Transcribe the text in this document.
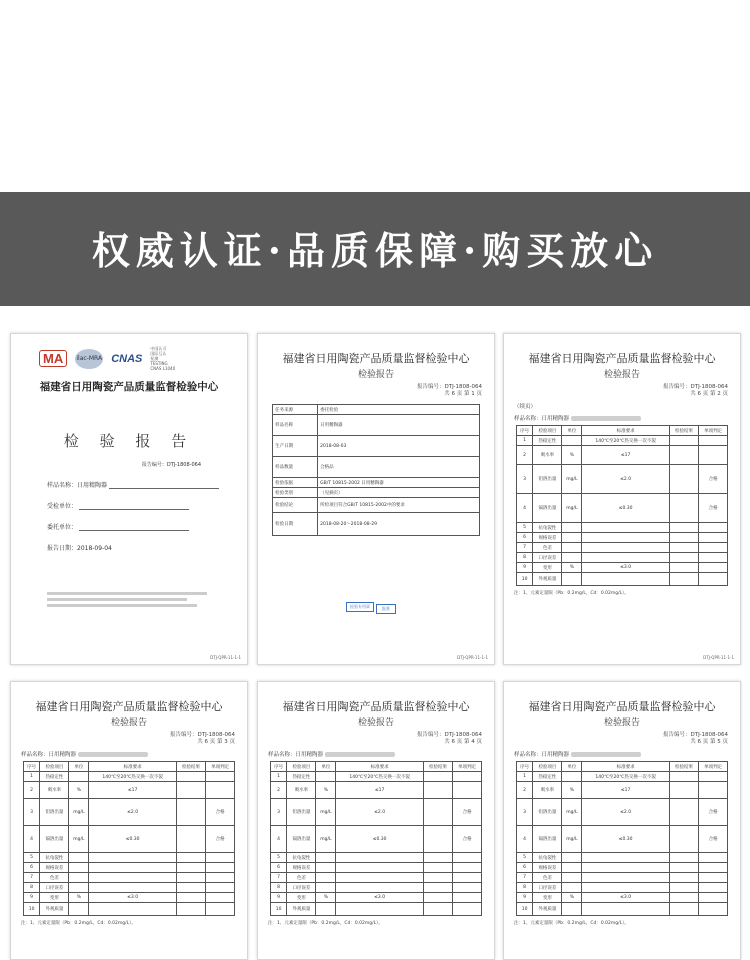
权威认证·品质保障·购买放心
MA	ilac-MRA CNAS
中国认可
国际互认
检测
TESTING
CNAS L1040
福建省日用陶瓷产品质量监督检验中心
检 验 报 告
报告编号：DTJ-1808-064
样品名称：日用精陶器
受检单位：
委托单位：
报告日期：2018-09-04
DTJ-QPR-11-1-1
福建省日用陶瓷产品质量监督检验中心
检验报告
报告编号：DTJ-1808-064
共 6 页 第 1 页
任务来源	委托检验
样品名称	日用精陶器
生产日期	2018-08-03
样品数量	合格品
检验依据	GB/T 10815-2002 日用精陶器
检验类别	（见摘页）
检验结论	所检项目符合GB/T 10815-2002中的要求
检验日期	2018-08-20～2018-08-29
检验专用章	批准
DTJ-QPR-11-1-1
福建省日用陶瓷产品质量监督检验中心
检验报告
报告编号：DTJ-1808-064
共 6 页 第 2 页
（续页）
样品名称：日用精陶器
序号	检验项目	单位	标准要求	检验结果	单项判定
1	热稳定性		140℃至20℃热交换一次不裂		
2	吸水率	%	≤17		
3	铅溶出量	mg/L	≤2.0		合格
4	镉溶出量	mg/L	≤0.30		合格
5	抗龟裂性				
6	规格误差				
7	色差				
8	口径误差				
9	变形	%	≤3.0		
10	外观质量				
注：1、元素定量限（Pb：0.2mg/L，Cd：0.02mg/L）。
DTJ-QPR-11-1-1
福建省日用陶瓷产品质量监督检验中心
检验报告
报告编号：DTJ-1808-064
共 6 页 第 3 页
样品名称：日用精陶器
序号	检验项目	单位	标准要求	检验结果	单项判定
1	热稳定性		140℃至20℃热交换一次不裂		
2	吸水率	%	≤17		
3	铅溶出量	mg/L	≤2.0		合格
4	镉溶出量	mg/L	≤0.30		合格
5	抗龟裂性				
6	规格误差				
7	色差				
8	口径误差				
9	变形	%	≤3.0		
10	外观质量				
注：1、元素定量限（Pb：0.2mg/L，Cd：0.02mg/L）。
福建省日用陶瓷产品质量监督检验中心
检验报告
报告编号：DTJ-1808-064
共 6 页 第 4 页
样品名称：日用精陶器
序号	检验项目	单位	标准要求	检验结果	单项判定
1	热稳定性		140℃至20℃热交换一次不裂		
2	吸水率	%	≤17		
3	铅溶出量	mg/L	≤2.0		合格
4	镉溶出量	mg/L	≤0.30		合格
5	抗龟裂性				
6	规格误差				
7	色差				
8	口径误差				
9	变形	%	≤3.0		
10	外观质量				
注：1、元素定量限（Pb：0.2mg/L，Cd：0.02mg/L）。
福建省日用陶瓷产品质量监督检验中心
检验报告
报告编号：DTJ-1808-064
共 6 页 第 5 页
样品名称：日用精陶器
序号	检验项目	单位	标准要求	检验结果	单项判定
1	热稳定性		140℃至20℃热交换一次不裂		
2	吸水率	%	≤17		
3	铅溶出量	mg/L	≤2.0		合格
4	镉溶出量	mg/L	≤0.30		合格
5	抗龟裂性				
6	规格误差				
7	色差				
8	口径误差				
9	变形	%	≤3.0		
10	外观质量				
注：1、元素定量限（Pb：0.2mg/L，Cd：0.02mg/L）。
